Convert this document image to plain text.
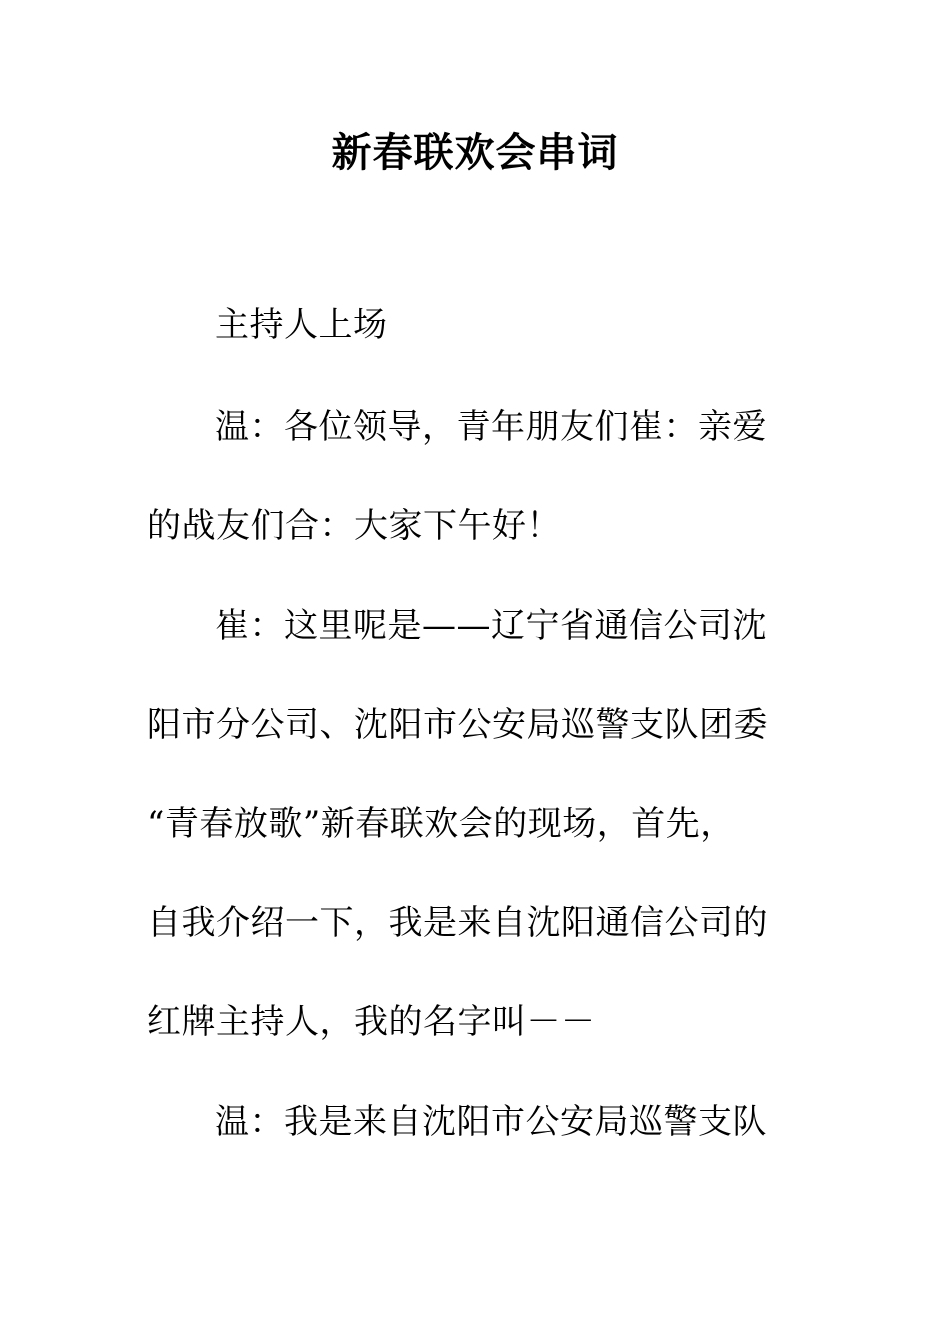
新春联欢会串词
主持人上场
温：各位领导，青年朋友们崔：亲爱
的战友们合：大家下午好！
崔：这里呢是——辽宁省通信公司沈
阳市分公司、沈阳市公安局巡警支队团委
“青春放歌”新春联欢会的现场，首先，
自我介绍一下，我是来自沈阳通信公司的
红牌主持人，我的名字叫－－
温：我是来自沈阳市公安局巡警支队
